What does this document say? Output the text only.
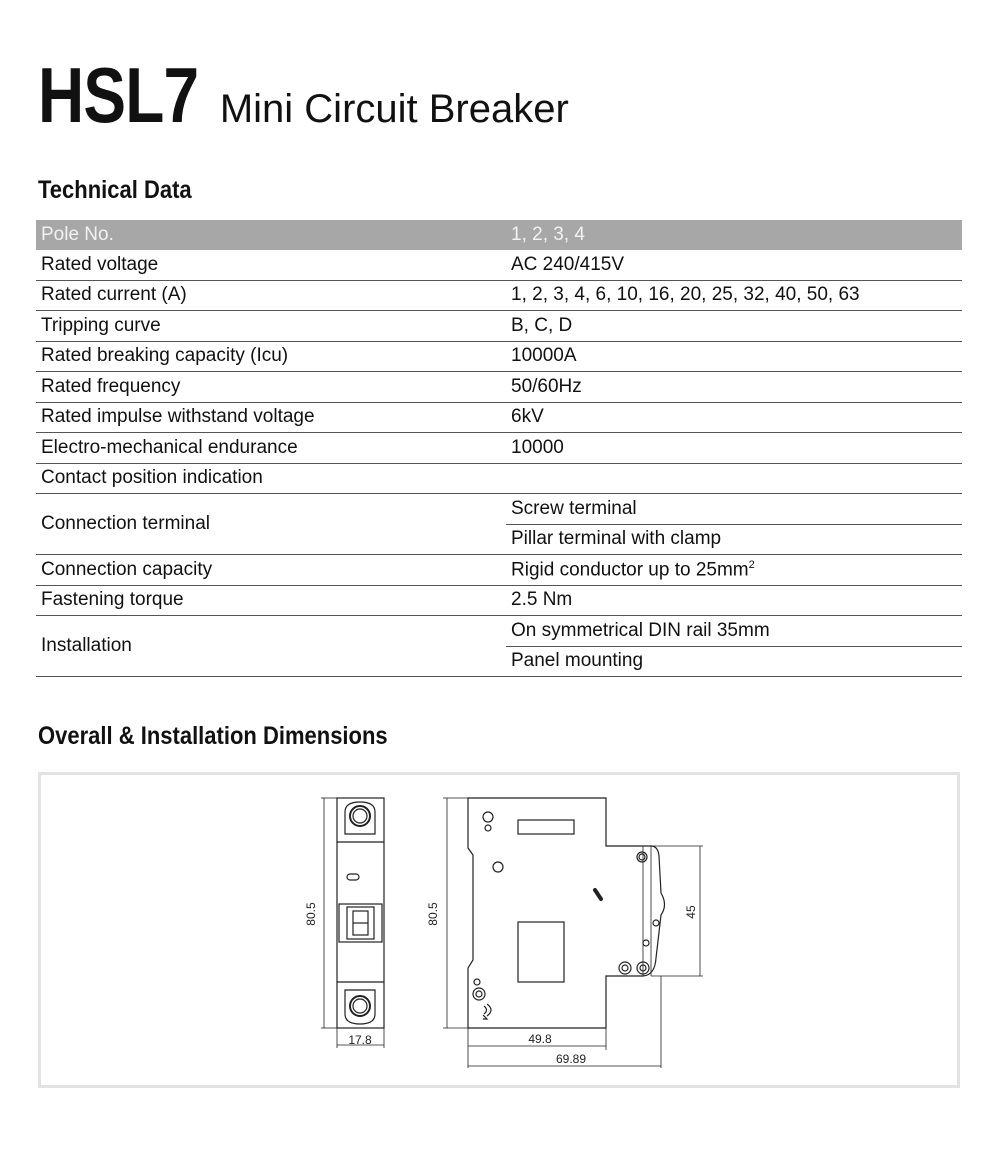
HSL7 Mini Circuit Breaker
Technical Data
Pole No.	1, 2, 3, 4
Rated voltage	AC 240/415V
Rated current (A)	1, 2, 3, 4, 6, 10, 16, 20, 25, 32, 40, 50, 63
Tripping curve	B, C, D
Rated breaking capacity (Icu)	10000A
Rated frequency	50/60Hz
Rated impulse withstand voltage	6kV
Electro-mechanical endurance	10000
Contact position indication	
Connection terminal	Screw terminal
	Pillar terminal with clamp
Connection capacity	Rigid conductor up to $25mm^2$
Fastening torque	2.5 Nm
Installation	On symmetrical DIN rail 35mm
	Panel mounting
Overall & Installation Dimensions
80.5
17.8
80.5	45
49.8
69.89
